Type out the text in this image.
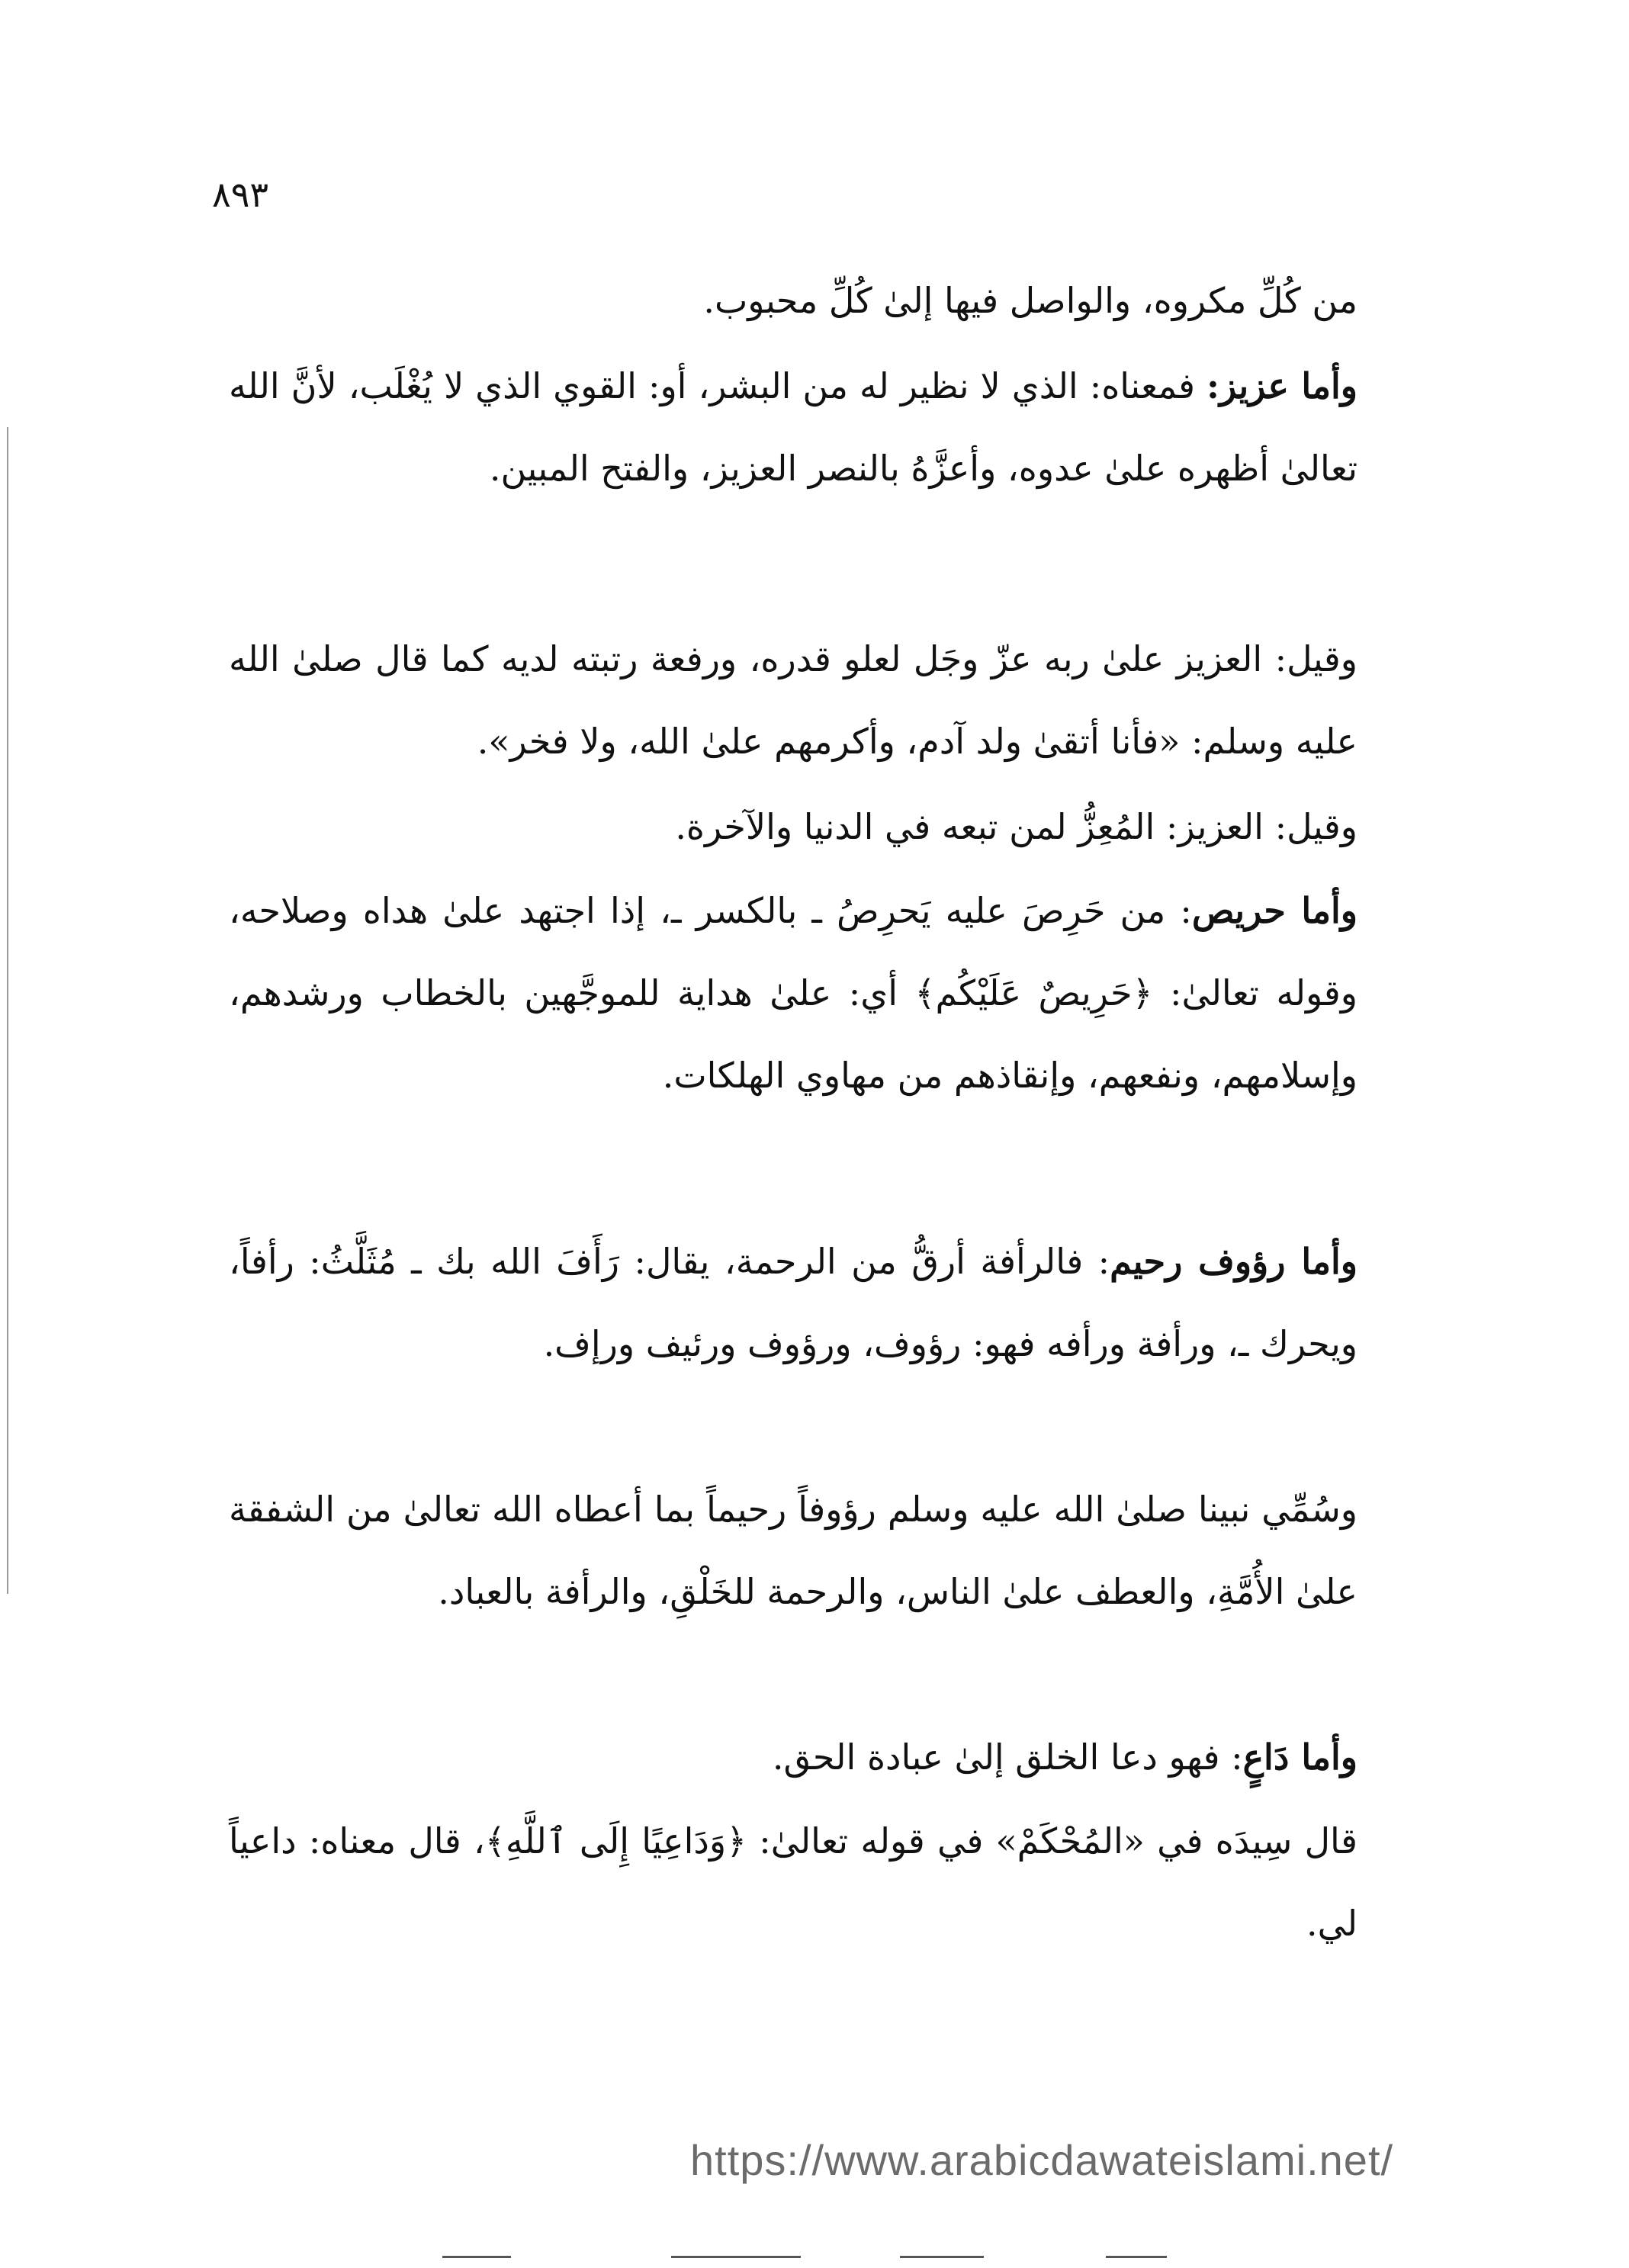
٨٩٣

من كُلِّ مكروه، والواصل فيها إلىٰ كُلِّ محبوب.

وأما عزيز: فمعناه: الذي لا نظير له من البشر، أو: القوي الذي لا يُغْلَب، لأنَّ الله تعالىٰ أظهره علىٰ عدوه، وأعزَّهُ بالنصر العزيز، والفتح المبين.

وقيل: العزيز علىٰ ربه عزّ وجَل لعلو قدره، ورفعة رتبته لديه كما قال صلىٰ الله عليه وسلم: «فأنا أتقىٰ ولد آدم، وأكرمهم علىٰ الله، ولا فخر».

وقيل: العزيز: المُعِزُّ لمن تبعه في الدنيا والآخرة.

وأما حريص: من حَرِصَ عليه يَحرِصُ ـ بالكسر ـ، إذا اجتهد علىٰ هداه وصلاحه، وقوله تعالىٰ: ﴿حَرِيصٌ عَلَيْكُم﴾ أي: علىٰ هداية للموجَّهين بالخطاب ورشدهم، وإسلامهم، ونفعهم، وإنقاذهم من مهاوي الهلكات.

وأما رؤوف رحيم: فالرأفة أرقُّ من الرحمة، يقال: رَأَفَ الله بك ـ مُثَلَّثُ: رأفاً، ويحرك ـ، ورأفة ورأفه فهو: رؤوف، ورؤوف ورئيف ورإف.

وسُمِّي نبينا صلىٰ الله عليه وسلم رؤوفاً رحيماً بما أعطاه الله تعالىٰ من الشفقة علىٰ الأُمَّةِ، والعطف علىٰ الناس، والرحمة للخَلْقِ، والرأفة بالعباد.

وأما دَاعٍ: فهو دعا الخلق إلىٰ عبادة الحق.

قال سِيدَه في «المُحْكَمْ» في قوله تعالىٰ: ﴿وَدَاعِيًا إِلَى ٱللَّهِ﴾، قال معناه: داعياً لي.

https://www.arabicdawateislami.net/
